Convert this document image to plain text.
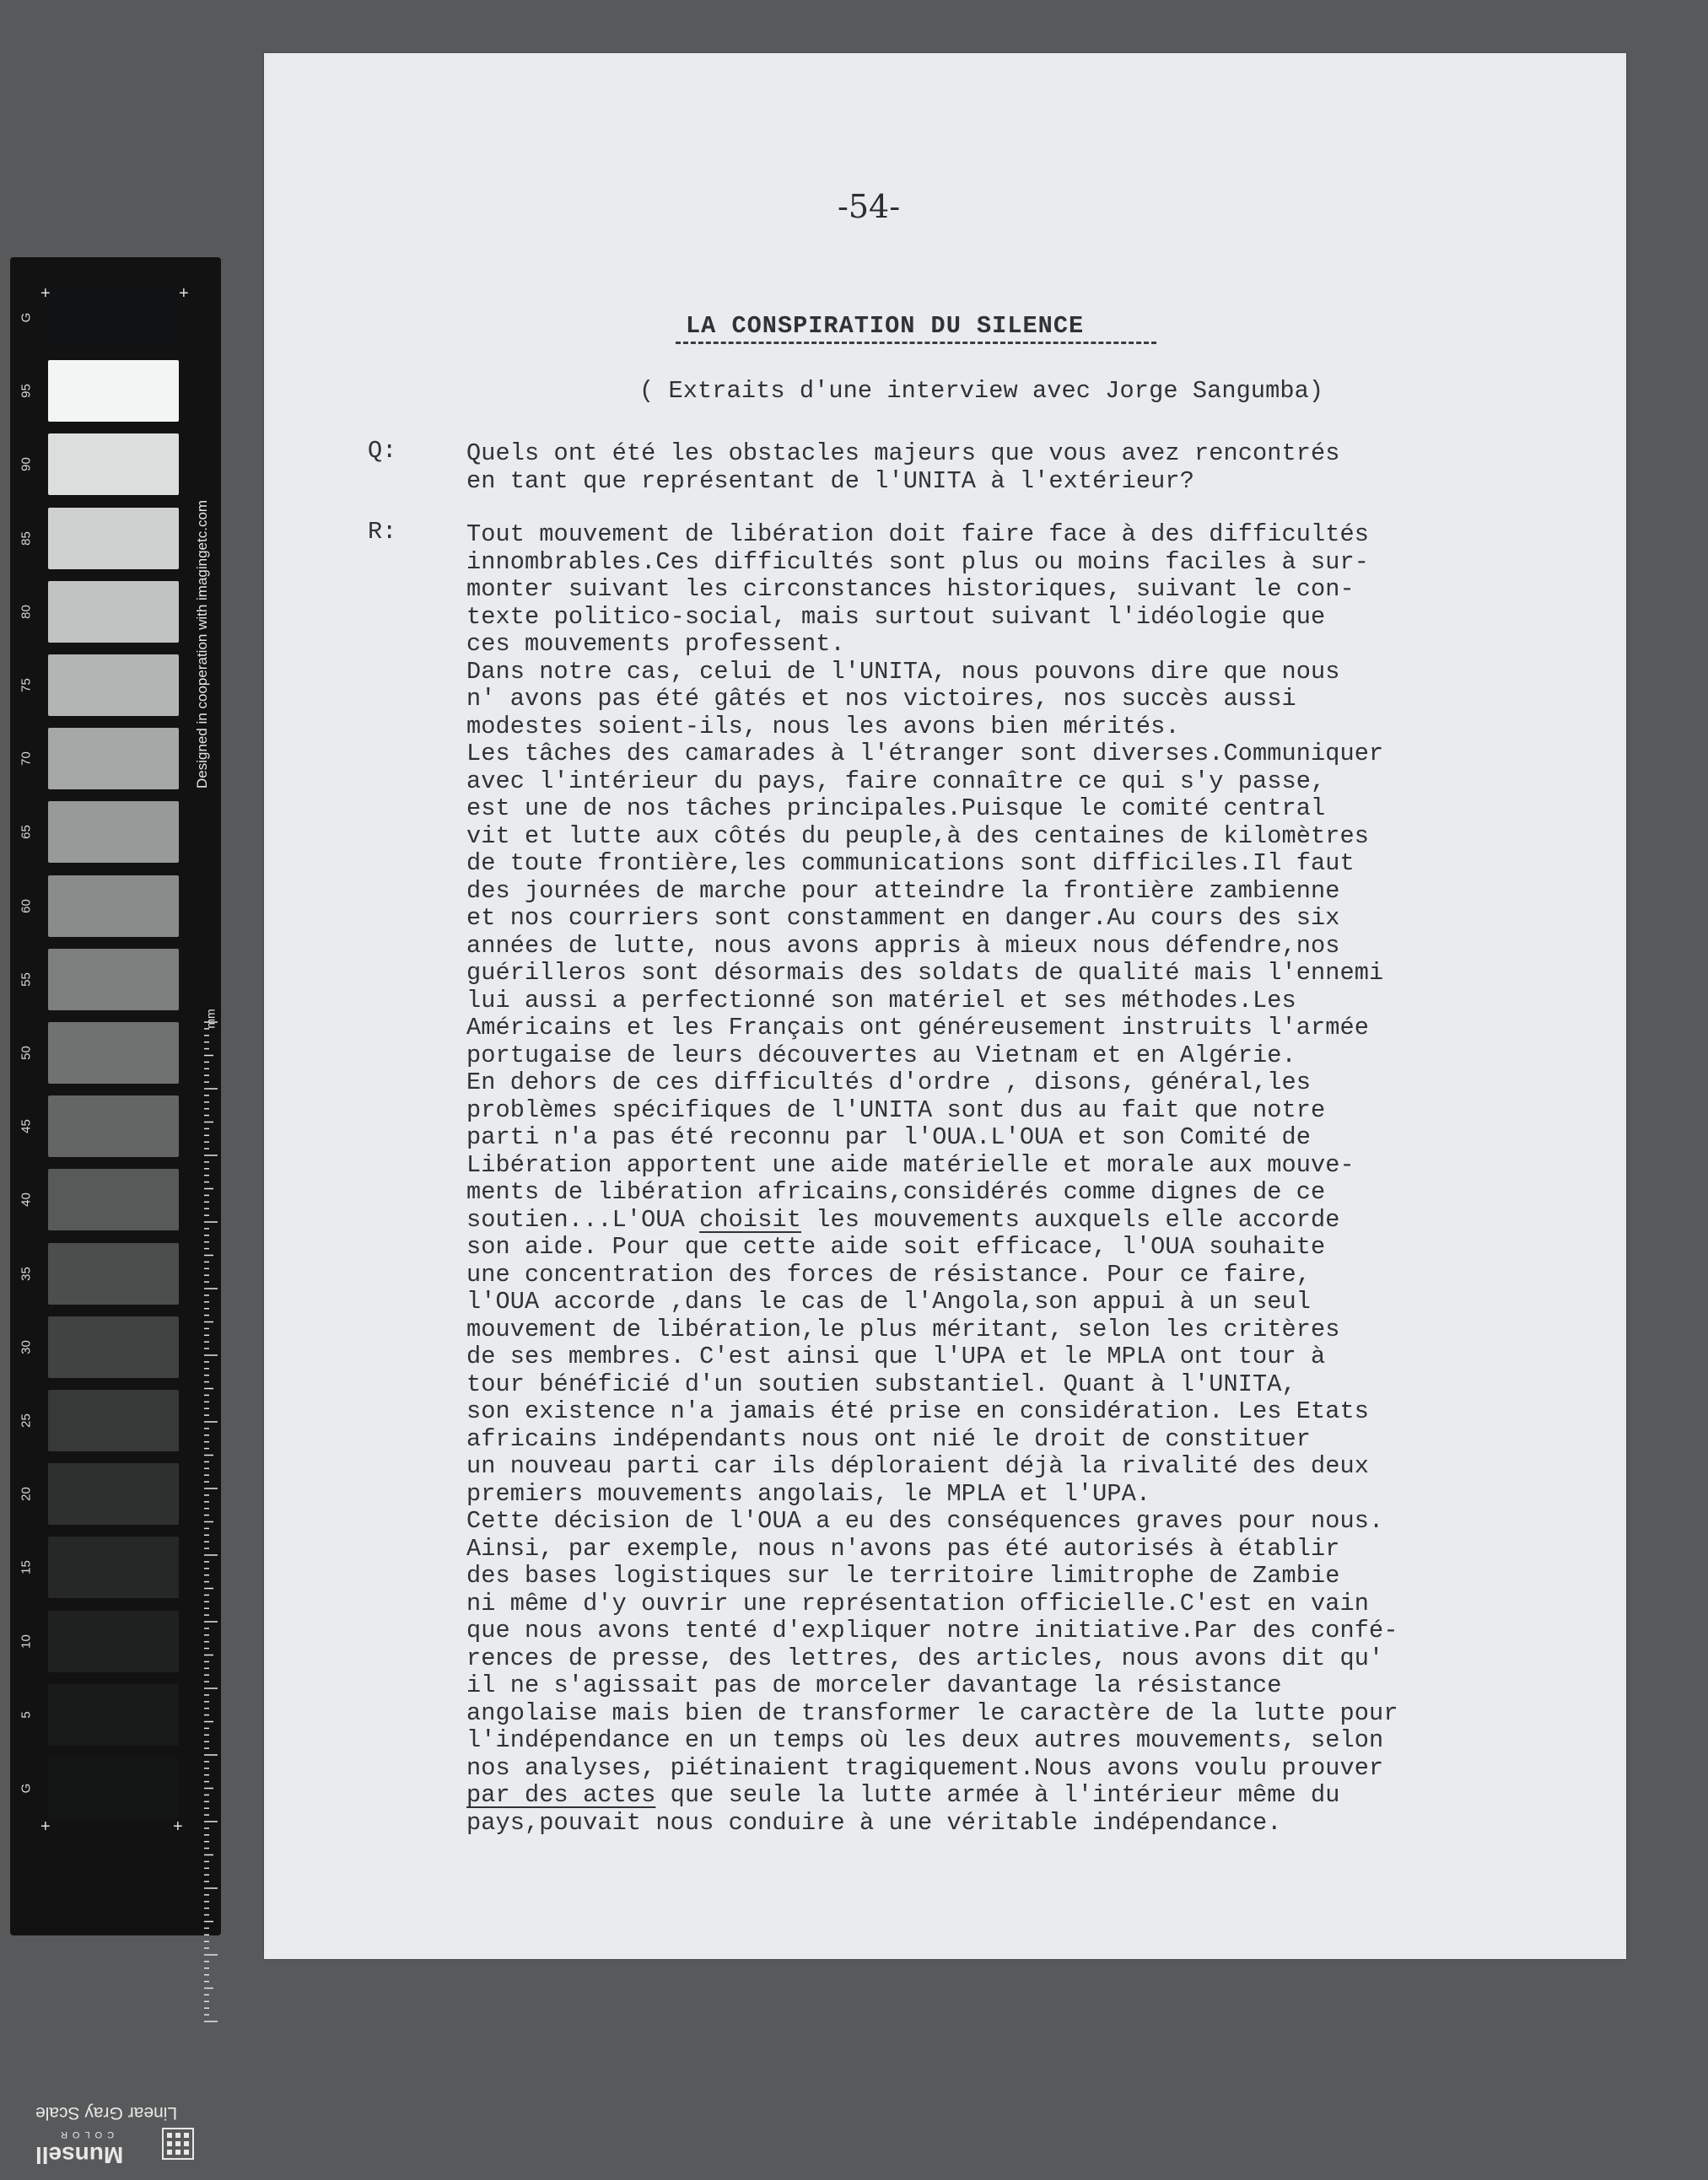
G
95
90
85
80
75
70
65
60
55
50
45
40
35
30
25
20
15
10
5
G
+	+
+	+
Designed in cooperation with imagingetc.com
mm
Linear Gray Scale
Munsell
COLOR
-54-
LA CONSPIRATION DU SILENCE
( Extraits d'une interview avec Jorge Sangumba)
Q:	Quels ont été les obstacles majeurs que vous avez rencontrés
en tant que représentant de l'UNITA à l'extérieur?
R:	Tout mouvement de libération doit faire face à des difficultés
innombrables.Ces difficultés sont plus ou moins faciles à sur-
monter suivant les circonstances historiques, suivant le con-
texte politico-social, mais surtout suivant l'idéologie que
ces mouvements professent.
Dans notre cas, celui de l'UNITA, nous pouvons dire que nous
n' avons pas été gâtés et nos victoires, nos succès aussi
modestes soient-ils, nous les avons bien mérités.
Les tâches des camarades à l'étranger sont diverses.Communiquer
avec l'intérieur du pays, faire connaître ce qui s'y passe,
est une de nos tâches principales.Puisque le comité central
vit et lutte aux côtés du peuple,à des centaines de kilomètres
de toute frontière,les communications sont difficiles.Il faut
des journées de marche pour atteindre la frontière zambienne
et nos courriers sont constamment en danger.Au cours des six
années de lutte, nous avons appris à mieux nous défendre,nos
guérilleros sont désormais des soldats de qualité mais l'ennemi
lui aussi a perfectionné son matériel et ses méthodes.Les
Américains et les Français ont généreusement instruits l'armée
portugaise de leurs découvertes au Vietnam et en Algérie.
En dehors de ces difficultés d'ordre , disons, général,les
problèmes spécifiques de l'UNITA sont dus au fait que notre
parti n'a pas été reconnu par l'OUA.L'OUA et son Comité de
Libération apportent une aide matérielle et morale aux mouve-
ments de libération africains,considérés comme dignes de ce
soutien...L'OUA choisit les mouvements auxquels elle accorde
son aide. Pour que cette aide soit efficace, l'OUA souhaite
une concentration des forces de résistance. Pour ce faire,
l'OUA accorde ,dans le cas de l'Angola,son appui à un seul
mouvement de libération,le plus méritant, selon les critères
de ses membres. C'est ainsi que l'UPA et le MPLA ont tour à
tour bénéficié d'un soutien substantiel. Quant à l'UNITA,
son existence n'a jamais été prise en considération. Les Etats
africains indépendants nous ont nié le droit de constituer
un nouveau parti car ils déploraient déjà la rivalité des deux
premiers mouvements angolais, le MPLA et l'UPA.
Cette décision de l'OUA a eu des conséquences graves pour nous.
Ainsi, par exemple, nous n'avons pas été autorisés à établir
des bases logistiques sur le territoire limitrophe de Zambie
ni même d'y ouvrir une représentation officielle.C'est en vain
que nous avons tenté d'expliquer notre initiative.Par des confé-
rences de presse, des lettres, des articles, nous avons dit qu'
il ne s'agissait pas de morceler davantage la résistance
angolaise mais bien de transformer le caractère de la lutte pour
l'indépendance en un temps où les deux autres mouvements, selon
nos analyses, piétinaient tragiquement.Nous avons voulu prouver
par des actes que seule la lutte armée à l'intérieur même du
pays,pouvait nous conduire à une véritable indépendance.
